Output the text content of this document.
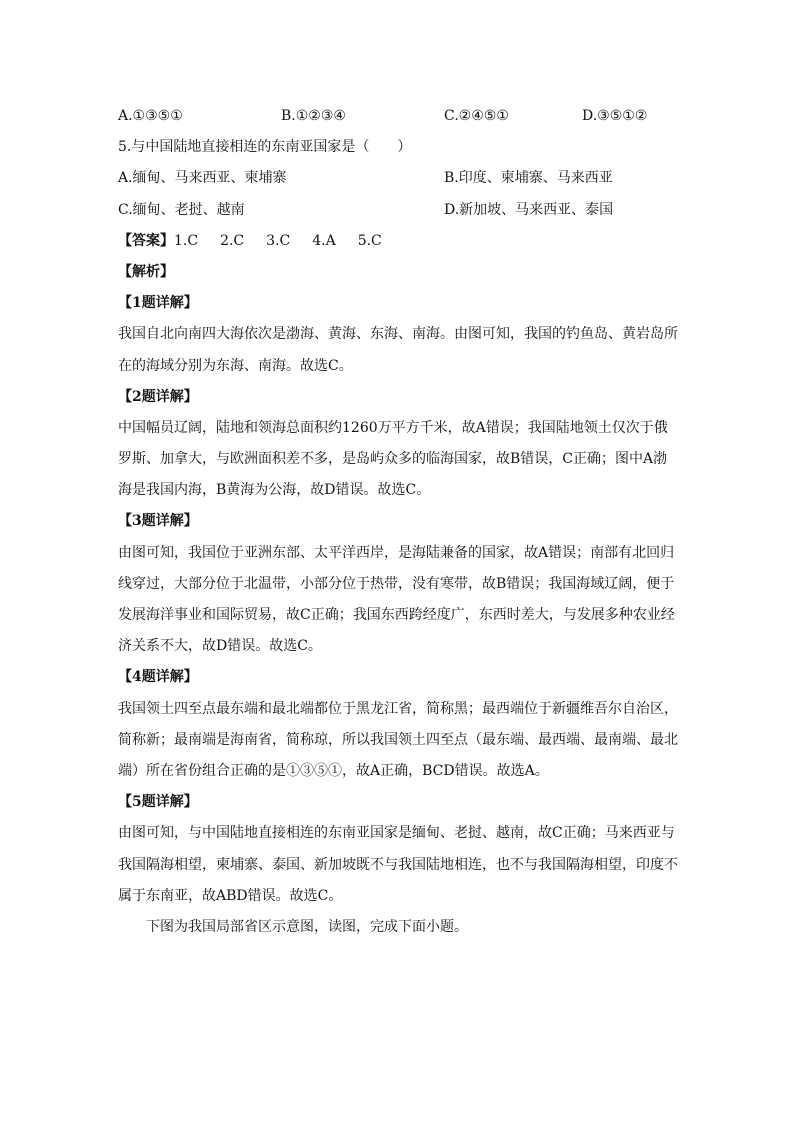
A.①③⑤①	B.①②③④	C.②④⑤①	D.③⑤①②
5.与中国陆地直接相连的东南亚国家是（　　）
A.缅甸、马来西亚、柬埔寨	B.印度、柬埔寨、马来西亚
C.缅甸、老挝、越南	D.新加坡、马来西亚、泰国
【答案】1.C 2.C 3.C 4.A 5.C
【解析】
【1题详解】
我国自北向南四大海依次是渤海、黄海、东海、南海。由图可知，我国的钓鱼岛、黄岩岛所
在的海域分别为东海、南海。故选C。
【2题详解】
中国幅员辽阔，陆地和领海总面积约1260万平方千米，故A错误；我国陆地领土仅次于俄
罗斯、加拿大，与欧洲面积差不多，是岛屿众多的临海国家，故B错误，C正确；图中A渤
海是我国内海，B黄海为公海，故D错误。故选C。
【3题详解】
由图可知，我国位于亚洲东部、太平洋西岸，是海陆兼备的国家，故A错误；南部有北回归
线穿过，大部分位于北温带，小部分位于热带，没有寒带，故B错误；我国海域辽阔，便于
发展海洋事业和国际贸易，故C正确；我国东西跨经度广，东西时差大，与发展多种农业经
济关系不大，故D错误。故选C。
【4题详解】
我国领土四至点最东端和最北端都位于黑龙江省，简称黑；最西端位于新疆维吾尔自治区，
简称新；最南端是海南省，简称琼，所以我国领土四至点（最东端、最西端、最南端、最北
端）所在省份组合正确的是①③⑤①，故A正确，BCD错误。故选A。
【5题详解】
由图可知，与中国陆地直接相连的东南亚国家是缅甸、老挝、越南，故C正确；马来西亚与
我国隔海相望，柬埔寨、泰国、新加坡既不与我国陆地相连，也不与我国隔海相望，印度不
属于东南亚，故ABD错误。故选C。
下图为我国局部省区示意图，读图，完成下面小题。
